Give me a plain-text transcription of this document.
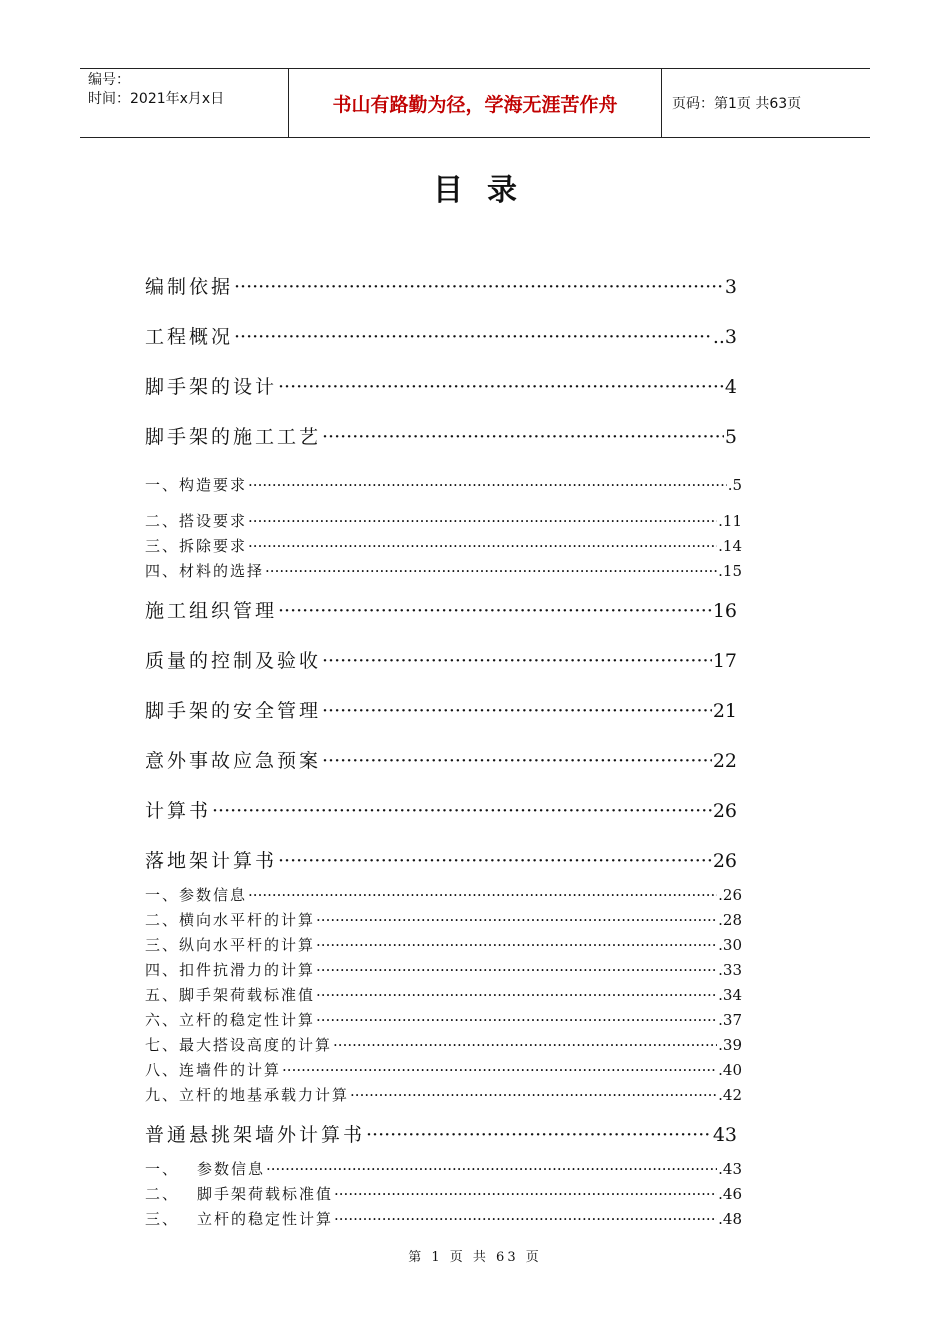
编号：
时间：2021年x月x日	书山有路勤为径，学海无涯苦作舟	页码：第1页 共63页
目录
编制依据 ·····	3
工程概况 ·····	..3
脚手架的设计 ·····	4
脚手架的施工工艺 ·····	5
一、构造要求 ·····	.5
二、搭设要求 ·····	.11
三、拆除要求 ·····	.14
四、材料的选择 ·····	.15
施工组织管理 ·····	16
质量的控制及验收 ·····	17
脚手架的安全管理 ·····	21
意外事故应急预案 ·····	22
计算书 ·····	26
落地架计算书 ·····	26
一、参数信息 ·····	.26
二、横向水平杆的计算 ·····	.28
三、纵向水平杆的计算 ·····	.30
四、扣件抗滑力的计算 ·····	.33
五、脚手架荷载标准值 ·····	.34
六、立杆的稳定性计算 ·····	.37
七、最大搭设高度的计算 ·····	.39
八、连墙件的计算 ·····	.40
九、立杆的地基承载力计算 ·····	.42
普通悬挑架墙外计算书 ·····	43
一、 参数信息 ·····	.43
二、 脚手架荷载标准值 ·····	.46
三、 立杆的稳定性计算 ·····	.48
第 1 页 共 63 页
